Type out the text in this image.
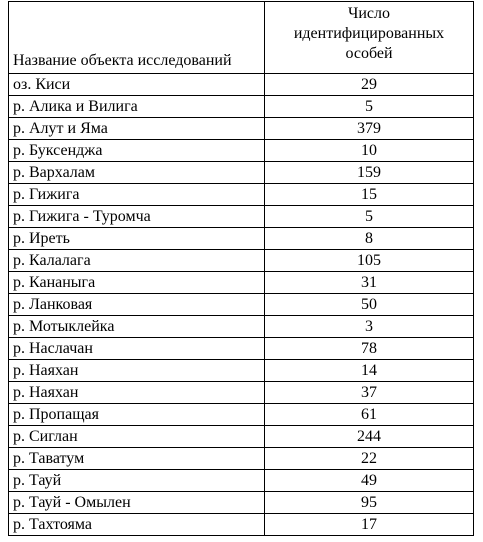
Название объекта исследований	Число
идентифицированных
особей

оз. Киси	29
р. Алика и Вилига	5
р. Алут и Яма	379
р. Буксенджа	10
р. Вархалам	159
р. Гижига	15
р. Гижига - Туромча	5
р. Ирeть	8
р. Калалага	105
р. Кананыга	31
р. Ланковая	50
р. Мотыклейка	3
р. Наслачан	78
р. Наяхан	14
р. Наяхан	37
р. Пропащая	61
р. Сиглан	244
р. Таватум	22
р. Тауй	49
р. Тауй - Омылен	95
р. Тахтояма	17
